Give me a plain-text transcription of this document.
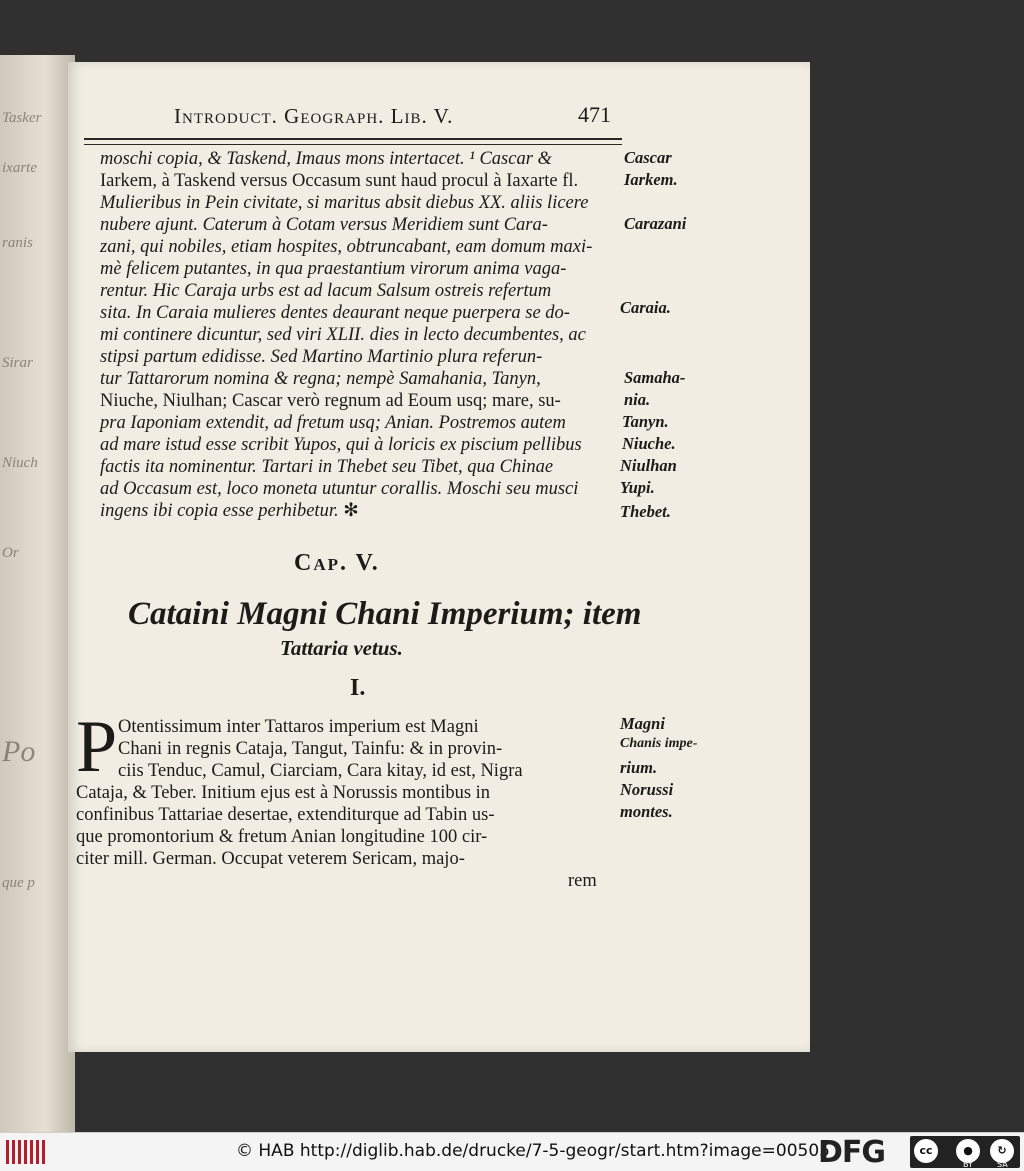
Tasker
ixarte
ranis
Sirar
Niuch
Or
Po
que p
Introduct. Geograph. Lib. V.	471
moschi copia, & Taskend, Imaus mons intertacet. ¹ Cascar &
Iarkem, à Taskend versus Occasum sunt haud procul à Iaxarte fl.
Mulieribus in Pein civitate, si maritus absit diebus XX. aliis licere
nubere ajunt. Caterum à Cotam versus Meridiem sunt Cara-
zani, qui nobiles, etiam hospites, obtruncabant, eam domum maxi-
mè felicem putantes, in qua praestantium virorum anima vaga-
rentur. Hic Caraja urbs est ad lacum Salsum ostreis refertum
sita. In Caraia mulieres dentes deaurant neque puerpera se do-
mi continere dicuntur, sed viri XLII. dies in lecto decumbentes, ac
stipsi partum edidisse. Sed Martino Martinio plura referun-
tur Tattarorum nomina & regna; nempè Samahania, Tanyn,
Niuche, Niulhan; Cascar verò regnum ad Eoum usq; mare, su-
pra Iaponiam extendit, ad fretum usq; Anian. Postremos autem
ad mare istud esse scribit Yupos, qui à loricis ex piscium pellibus
factis ita nominentur. Tartari in Thebet seu Tibet, qua Chinae
ad Occasum est, loco moneta utuntur corallis. Moschi seu musci
ingens ibi copia esse perhibetur. ✻
Cascar
Iarkem.
Carazani
Caraia.
Samaha-
nia.
Tanyn.
Niuche.
Niulhan
Yupi.
Thebet.
Cap. V.
Cataini Magni Chani Imperium; item
Tattaria vetus.
I.
P Otentissimum inter Tattaros imperium est Magni
Chani in regnis Cataja, Tangut, Tainfu: & in provin-
ciis Tenduc, Camul, Ciarciam, Cara kitay, id est, Nigra
Cataja, & Teber. Initium ejus est à Norussis montibus in
confinibus Tattariae desertae, extenditurque ad Tabin us-
que promontorium & fretum Anian longitudine 100 cir-
citer mill. German. Occupat veterem Sericam, majo-
rem
Magni
Chanis impe-
rium.
Norussi
montes.
© HAB http://diglib.hab.de/drucke/7-5-geogr/start.htm?image=00505
DFG	cc	●	↻
BY	SA
